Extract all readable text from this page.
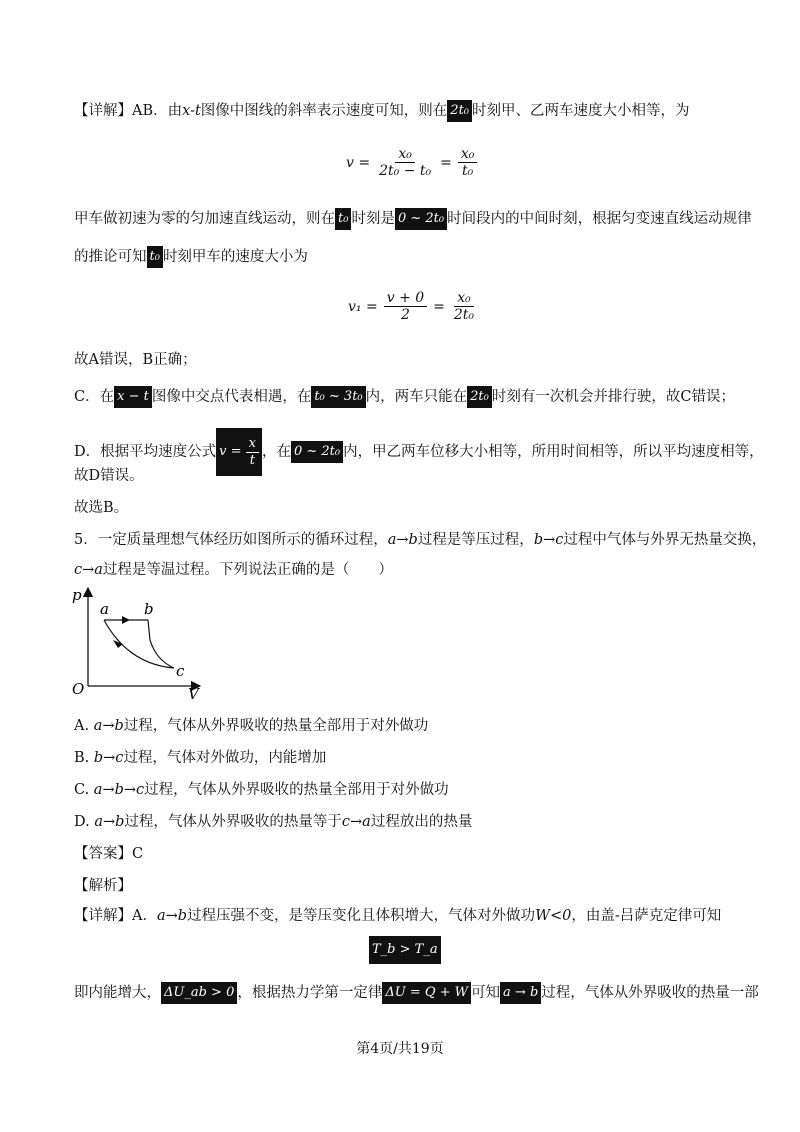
【详解】AB．由x-t图像中图线的斜率表示速度可知，则在 2t₀ 时刻甲、乙两车速度大小相等，为
$v = \frac{\text{x₀}}{\text{2t₀ − t₀}} = \frac{\text{x₀}}{\text{t₀}}$
甲车做初速为零的匀加速直线运动，则在 t₀ 时刻是 0 ~ 2t₀ 时间段内的中间时刻，根据匀变速直线运动规律
的推论可知 t₀ 时刻甲车的速度大小为
$v_1 = \frac{v + 0}{2} = \frac{\text{x₀}}{\text{2t₀}}$
故A错误，B正确；
C．在 x − t 图像中交点代表相遇，在 t₀ ~ 3t₀ 内，两车只能在 2t₀ 时刻有一次机会并排行驶，故C错误；
D．根据平均速度公式 v =
$\frac{x}{t}$ ，在 0 ~ 2t₀ 内，甲乙两车位移大小相等，所用时间相等，所以平均速度相等，
故D错误。
故选B。
5．一定质量理想气体经历如图所示的循环过程，a→b过程是等压过程，b→c过程中气体与外界无热量交换，
c→a过程是等温过程。下列说法正确的是（　　）
p
V
O
a b
c
A. a→b过程，气体从外界吸收的热量全部用于对外做功
B. b→c过程，气体对外做功，内能增加
C. a→b→c过程，气体从外界吸收的热量全部用于对外做功
D. a→b过程，气体从外界吸收的热量等于c→a过程放出的热量
【答案】C
【解析】
【详解】A．a→b过程压强不变，是等压变化且体积增大，气体对外做功W<0，由盖-吕萨克定律可知
T_b > T_a
即内能增大， ΔU_ab > 0 ，根据热力学第一定律 ΔU = Q + W 可知 a → b 过程，气体从外界吸收的热量一部
第4页/共19页
